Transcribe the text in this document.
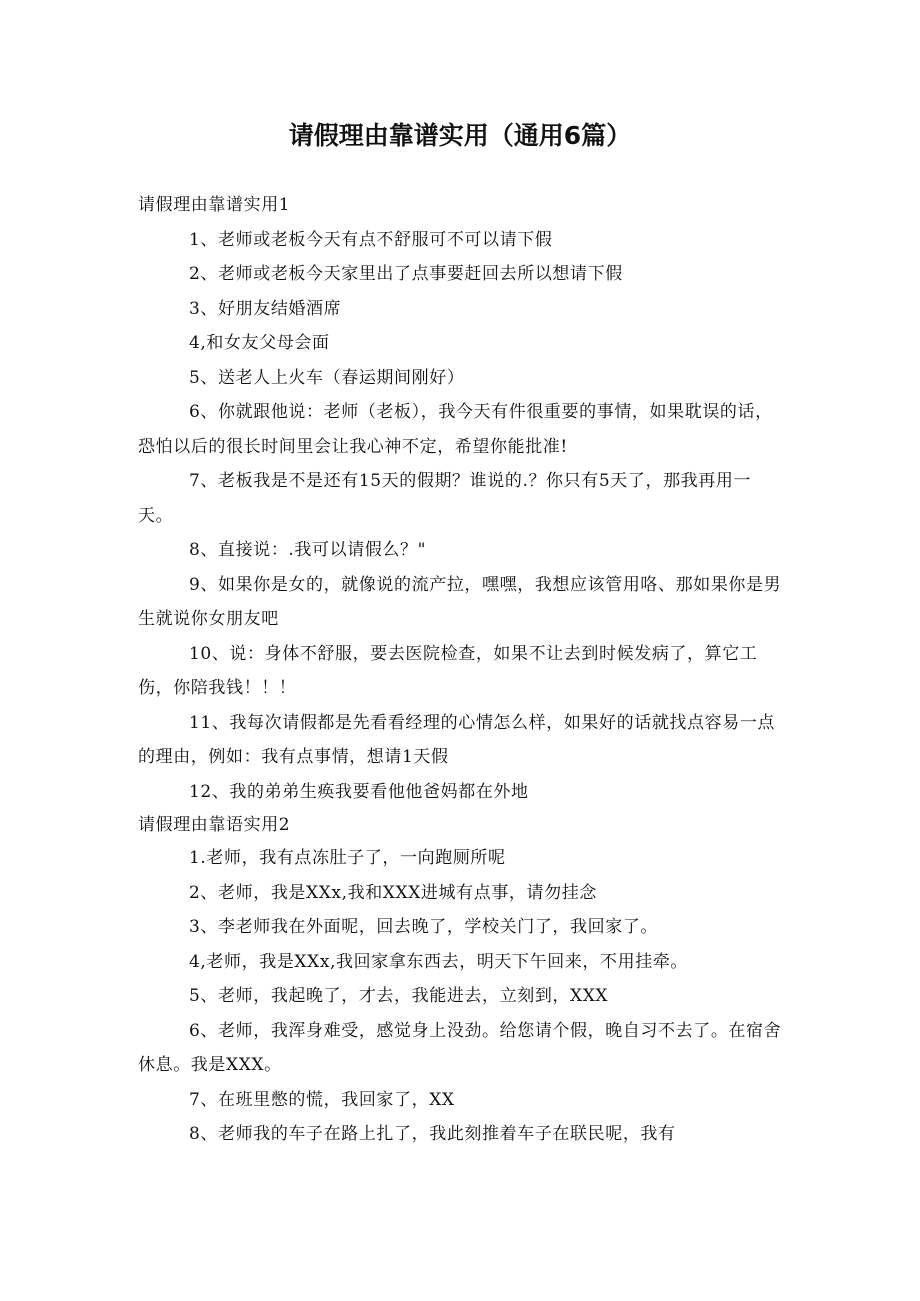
请假理由靠谱实用（通用6篇）

请假理由靠谱实用1

1、老师或老板今天有点不舒服可不可以请下假

2、老师或老板今天家里出了点事要赶回去所以想请下假

3、好朋友结婚酒席

4,和女友父母会面

5、送老人上火车（春运期间刚好）

6、你就跟他说：老师（老板），我今天有件很重要的事情，如果耽误的话，恐怕以后的很长时间里会让我心神不定，希望你能批准!

7、老板我是不是还有15天的假期？谁说的.？你只有5天了，那我再用一天。

8、直接说：.我可以请假么？"

9、如果你是女的，就像说的流产拉，嘿嘿，我想应该管用咯、那如果你是男生就说你女朋友吧

10、说：身体不舒服，要去医院检查，如果不让去到时候发病了，算它工伤，你陪我钱！！！

11、我每次请假都是先看看经理的心情怎么样，如果好的话就找点容易一点的理由，例如：我有点事情，想请1天假

12、我的弟弟生痪我要看他他爸妈都在外地

请假理由靠语实用2

1.老师，我有点冻肚子了，一向跑厕所呢

2、老师，我是XXx,我和XXX进城有点事，请勿挂念

3、李老师我在外面呢，回去晚了，学校关门了，我回家了。

4,老师，我是XXx,我回家拿东西去，明天下午回来，不用挂牵。

5、老师，我起晚了，才去，我能进去，立刻到，XXX

6、老师，我浑身难受，感觉身上没劲。给您请个假，晚自习不去了。在宿舍休息。我是XXX。

7、在班里憋的慌，我回家了，XX

8、老师我的车子在路上扎了，我此刻推着车子在联民呢，我有
